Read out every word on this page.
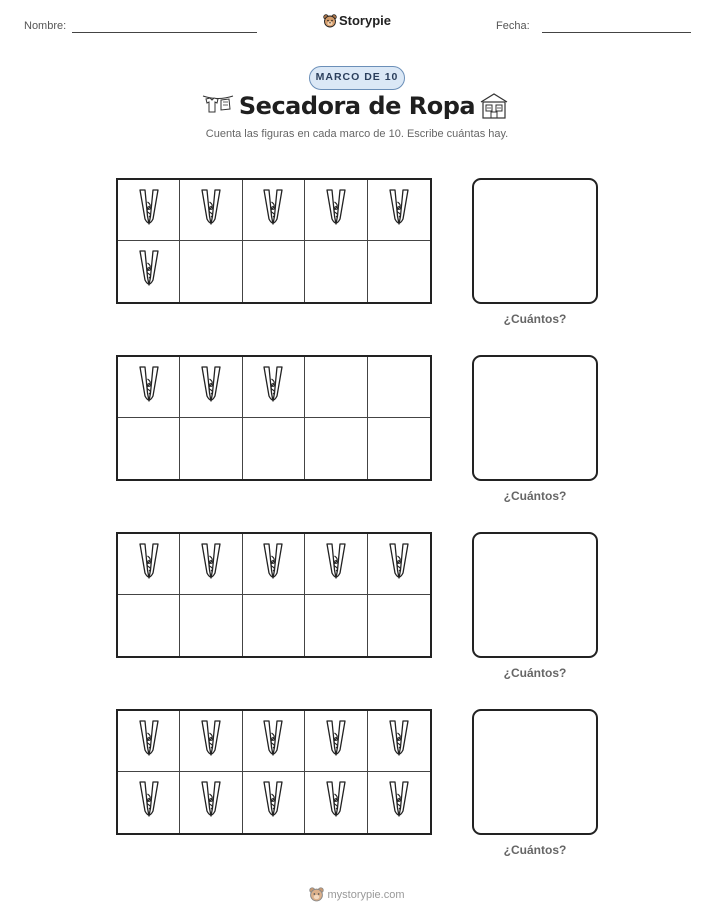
Nombre:	Storypie	Fecha:
MARCO DE 10
Secadora de Ropa
Cuenta las figuras en cada marco de 10. Escribe cuántas hay.
¿Cuántos?
¿Cuántos?
¿Cuántos?
¿Cuántos?
mystorypie.com
